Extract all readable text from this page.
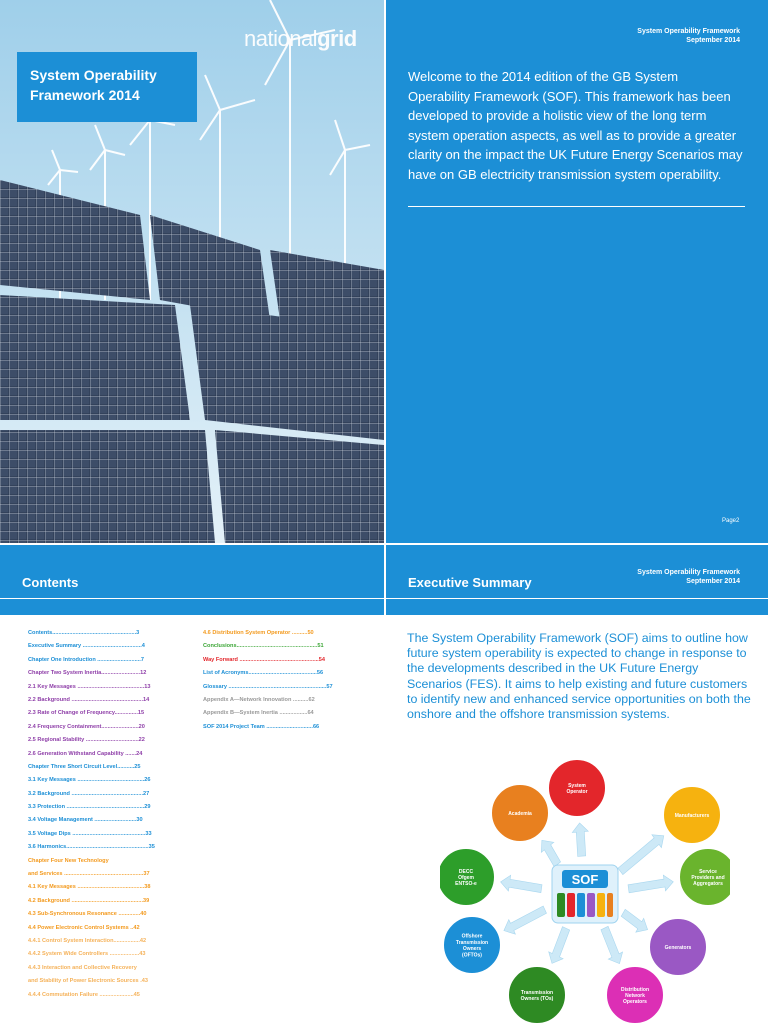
System Operability
Framework 2014
nationalgrid	System Operability Framework
September 2014
Welcome to the 2014 edition of the GB System Operability Framework (SOF). This framework has been developed to provide a holistic view of the long term system operation aspects, as well as to provide a greater clarity on the impact the UK Future Energy Scenarios may have on GB electricity transmission system operability.
Page2
Contents
Contents......................................................3
Executive Summary ......................................4
Chapter One Introduction ............................7
Chapter Two System Inertia.........................12
2.1 Key Messages ...........................................13
2.2 Background ..............................................14
2.3 Rate of Change of Frequency...............15
2.4 Frequency Containment........................20
2.5 Regional Stability ..................................22
2.6 Generation Withstand Capability .......24
Chapter Three Short Circuit Level...........25
3.1 Key Messages ...........................................26
3.2 Background ..............................................27
3.3 Protection ..................................................29
3.4 Voltage Management ...........................30
3.5 Voltage Dips ...............................................33
3.6 Harmonics.....................................................35
Chapter Four New Technology
and Services ...................................................37
4.1 Key Messages ...........................................38
4.2 Background ..............................................39
4.3 Sub-Synchronous Resonance ..............40
4.4 Power Electronic Control Systems ..42
4.4.1 Control System Interaction.................42
4.4.2 System Wide Controllers ...................43
4.4.3 Interaction and Collective Recovery
and Stability of Power Electronic Sources .43
4.4.4 Commutation Failure ......................45
4.6 Distribution System Operator ..........50
Conclusions....................................................51
Way Forward ...................................................54
List of Acronyms............................................56
Glossary ...............................................................57
Appendix A—Network Innovation ..........62
Appendix B—System Inertia ..................64
SOF 2014 Project Team ..............................66
Executive Summary
System Operability Framework
September 2014
The System Operability Framework (SOF) aims to outline how future system operability is expected to change in response to the developments described in the UK Future Energy Scenarios (FES). It aims to help existing and future customers to identify new and enhanced service opportunities on both the onshore and the offshore transmission systems.
System
Operator
Manufacturers
Service
Providers and
Aggregators
Generators
Distribution
Network
Operators
Transmission
Owners (TOs)
Offshore
Transmission
Owners
(OFTOs)
DECC
Ofgem
ENTSO-e
Academia
SOF
